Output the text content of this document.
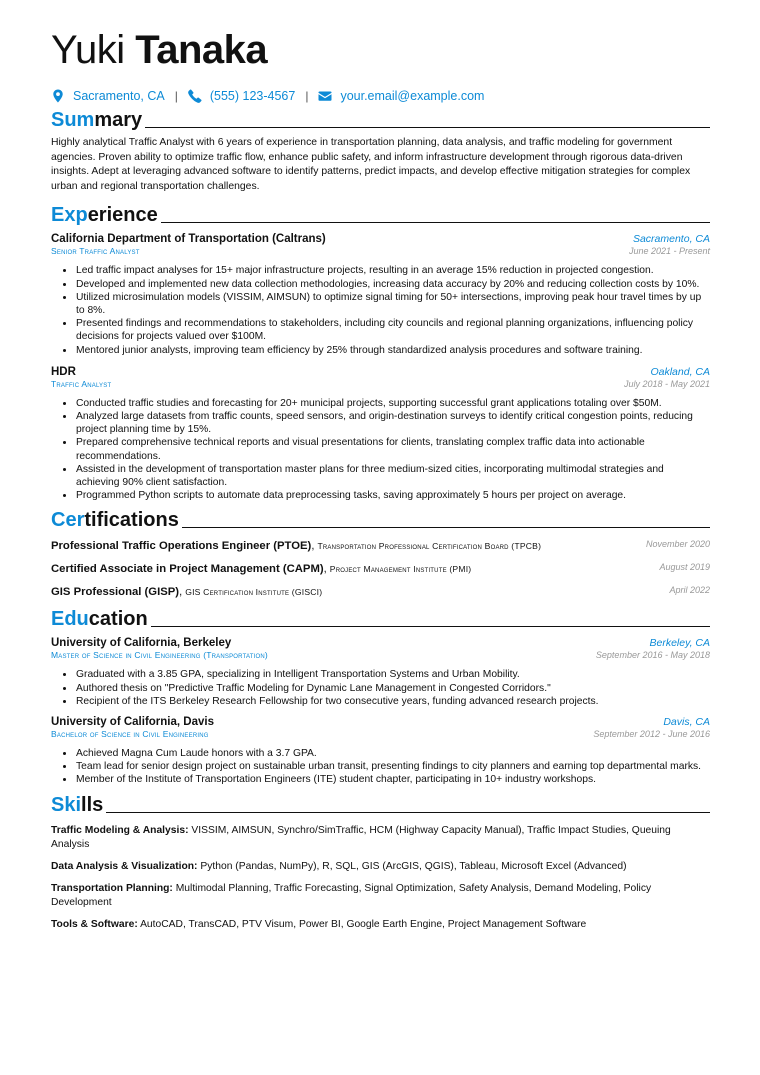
Yuki Tanaka
Sacramento, CA |	(555) 123-4567 |	your.email@example.com
Summary
Highly analytical Traffic Analyst with 6 years of experience in transportation planning, data analysis, and traffic modeling for government agencies. Proven ability to optimize traffic flow, enhance public safety, and inform infrastructure development through rigorous data-driven insights. Adept at leveraging advanced software to identify patterns, predict impacts, and develop effective mitigation strategies for complex urban and regional transportation challenges.
Experience
California Department of Transportation (Caltrans)	Sacramento, CA
Senior Traffic Analyst	June 2021 - Present
• Led traffic impact analyses for 15+ major infrastructure projects, resulting in an average 15% reduction in projected congestion.
• Developed and implemented new data collection methodologies, increasing data accuracy by 20% and reducing collection costs by 10%.
• Utilized microsimulation models (VISSIM, AIMSUN) to optimize signal timing for 50+ intersections, improving peak hour travel times by up to 8%.
• Presented findings and recommendations to stakeholders, including city councils and regional planning organizations, influencing policy decisions for projects valued over $100M.
• Mentored junior analysts, improving team efficiency by 25% through standardized analysis procedures and software training.
HDR	Oakland, CA
Traffic Analyst	July 2018 - May 2021
• Conducted traffic studies and forecasting for 20+ municipal projects, supporting successful grant applications totaling over $50M.
• Analyzed large datasets from traffic counts, speed sensors, and origin-destination surveys to identify critical congestion points, reducing project planning time by 15%.
• Prepared comprehensive technical reports and visual presentations for clients, translating complex traffic data into actionable recommendations.
• Assisted in the development of transportation master plans for three medium-sized cities, incorporating multimodal strategies and achieving 90% client satisfaction.
• Programmed Python scripts to automate data preprocessing tasks, saving approximately 5 hours per project on average.
Certifications
Professional Traffic Operations Engineer (PTOE), Transportation Professional Certification Board (TPCB)	November 2020
Certified Associate in Project Management (CAPM), Project Management Institute (PMI)	August 2019
GIS Professional (GISP), GIS Certification Institute (GISCI)	April 2022
Education
University of California, Berkeley	Berkeley, CA
Master of Science in Civil Engineering (Transportation)	September 2016 - May 2018
• Graduated with a 3.85 GPA, specializing in Intelligent Transportation Systems and Urban Mobility.
• Authored thesis on "Predictive Traffic Modeling for Dynamic Lane Management in Congested Corridors."
• Recipient of the ITS Berkeley Research Fellowship for two consecutive years, funding advanced research projects.
University of California, Davis	Davis, CA
Bachelor of Science in Civil Engineering	September 2012 - June 2016
• Achieved Magna Cum Laude honors with a 3.7 GPA.
• Team lead for senior design project on sustainable urban transit, presenting findings to city planners and earning top departmental marks.
• Member of the Institute of Transportation Engineers (ITE) student chapter, participating in 10+ industry workshops.
Skills
Traffic Modeling & Analysis: VISSIM, AIMSUN, Synchro/SimTraffic, HCM (Highway Capacity Manual), Traffic Impact Studies, Queuing Analysis
Data Analysis & Visualization: Python (Pandas, NumPy), R, SQL, GIS (ArcGIS, QGIS), Tableau, Microsoft Excel (Advanced)
Transportation Planning: Multimodal Planning, Traffic Forecasting, Signal Optimization, Safety Analysis, Demand Modeling, Policy Development
Tools & Software: AutoCAD, TransCAD, PTV Visum, Power BI, Google Earth Engine, Project Management Software
